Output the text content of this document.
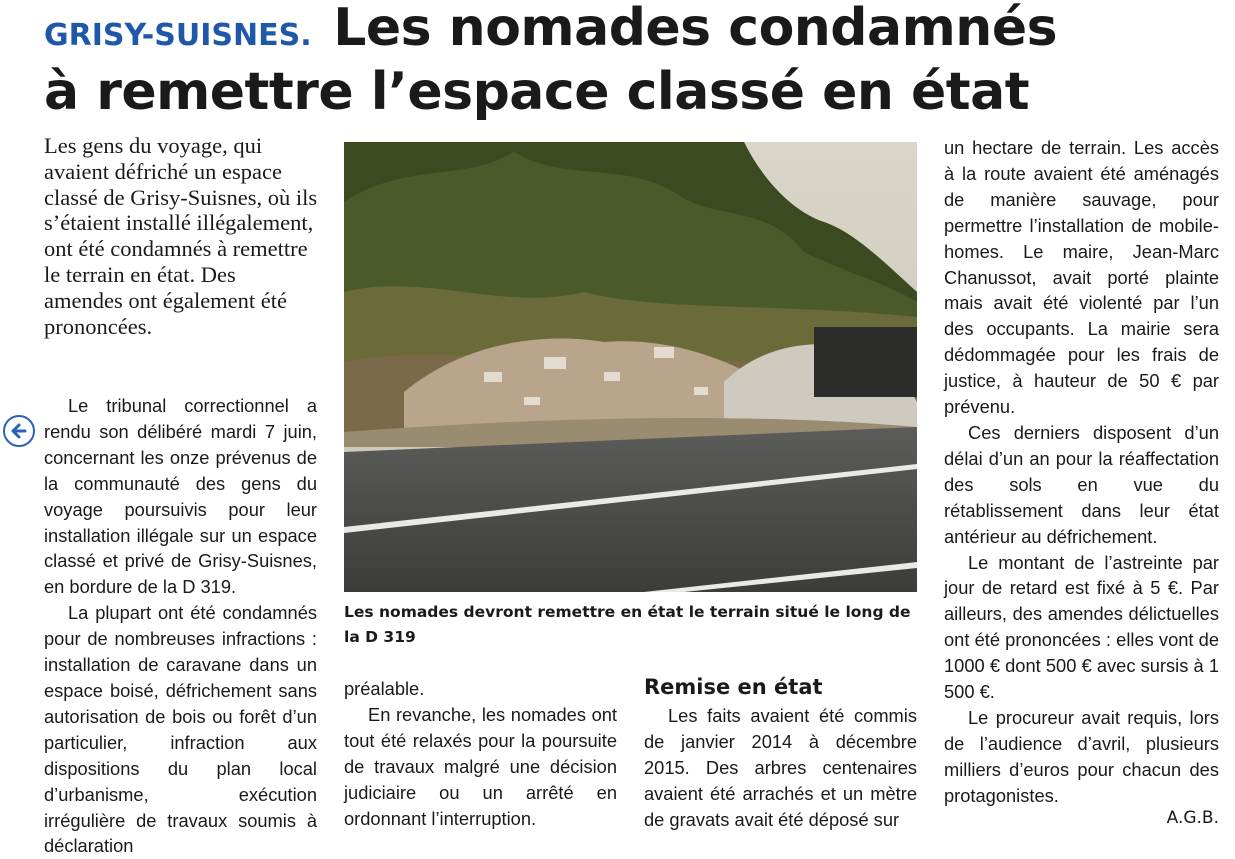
GRISY-SUISNES. Les nomades condamnés
à remettre l’espace classé en état

Les gens du voyage, qui avaient défriché un espace classé de Grisy-Suisnes, où ils s’étaient installé illégalement, ont été condamnés à remettre le terrain en état. Des amendes ont également été prononcées.

Le tribunal correctionnel a rendu son délibéré mardi 7 juin, concernant les onze prévenus de la communauté des gens du voyage poursuivis pour leur installation illégale sur un espace classé et privé de Grisy-Suisnes, en bordure de la D 319.

La plupart ont été condamnés pour de nombreuses infractions : installation de caravane dans un espace boisé, défrichement sans autorisation de bois ou forêt d’un particulier, infraction aux dispositions du plan local d’urbanisme, exécution irrégulière de travaux soumis à déclaration

Les nomades devront remettre en état le terrain situé le long de la D 319

préalable.

En revanche, les nomades ont tout été relaxés pour la poursuite de travaux malgré une décision judiciaire ou un arrêté en ordonnant l’interruption.

Remise en état

Les faits avaient été commis de janvier 2014 à décembre 2015. Des arbres centenaires avaient été arrachés et un mètre de gravats avait été déposé sur

un hectare de terrain. Les accès à la route avaient été aménagés de manière sauvage, pour permettre l’installation de mobile-homes. Le maire, Jean-Marc Chanussot, avait porté plainte mais avait été violenté par l’un des occupants. La mairie sera dédommagée pour les frais de justice, à hauteur de 50 € par prévenu.

Ces derniers disposent d’un délai d’un an pour la réaffectation des sols en vue du rétablissement dans leur état antérieur au défrichement.

Le montant de l’astreinte par jour de retard est fixé à 5 €. Par ailleurs, des amendes délictuelles ont été prononcées : elles vont de 1000 € dont 500 € avec sursis à 1 500 €.

Le procureur avait requis, lors de l’audience d’avril, plusieurs milliers d’euros pour chacun des protagonistes.

A.G.B.
